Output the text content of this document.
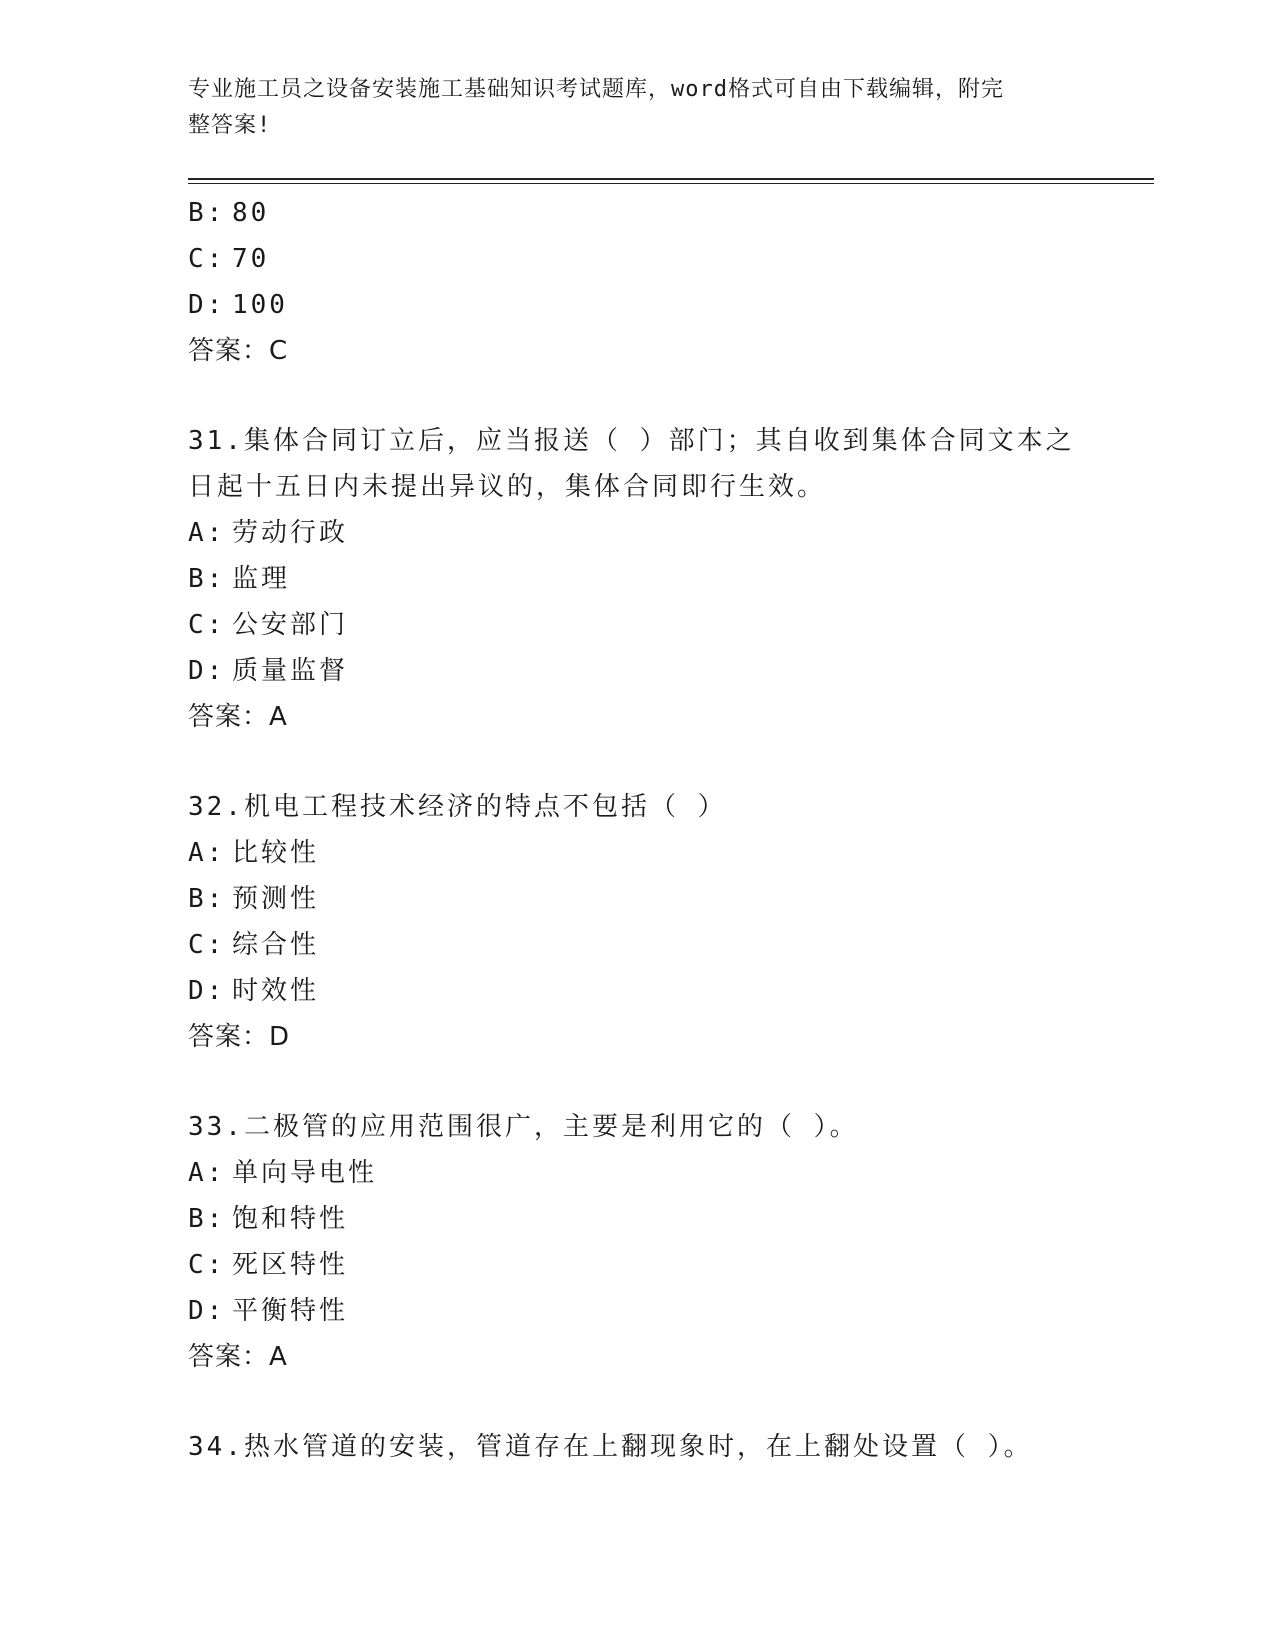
专业施工员之设备安装施工基础知识考试题库，word格式可自由下载编辑，附完
整答案!
B: 80
C: 70
D: 100
答案：C
31.集体合同订立后，应当报送（ ）部门；其自收到集体合同文本之
日起十五日内未提出异议的，集体合同即行生效。
A: 劳动行政
B: 监理
C: 公安部门
D: 质量监督
答案：A
32.机电工程技术经济的特点不包括（ ）
A: 比较性
B: 预测性
C: 综合性
D: 时效性
答案：D
33.二极管的应用范围很广，主要是利用它的（ ）。
A: 单向导电性
B: 饱和特性
C: 死区特性
D: 平衡特性
答案：A
34.热水管道的安装，管道存在上翻现象时，在上翻处设置（ ）。
